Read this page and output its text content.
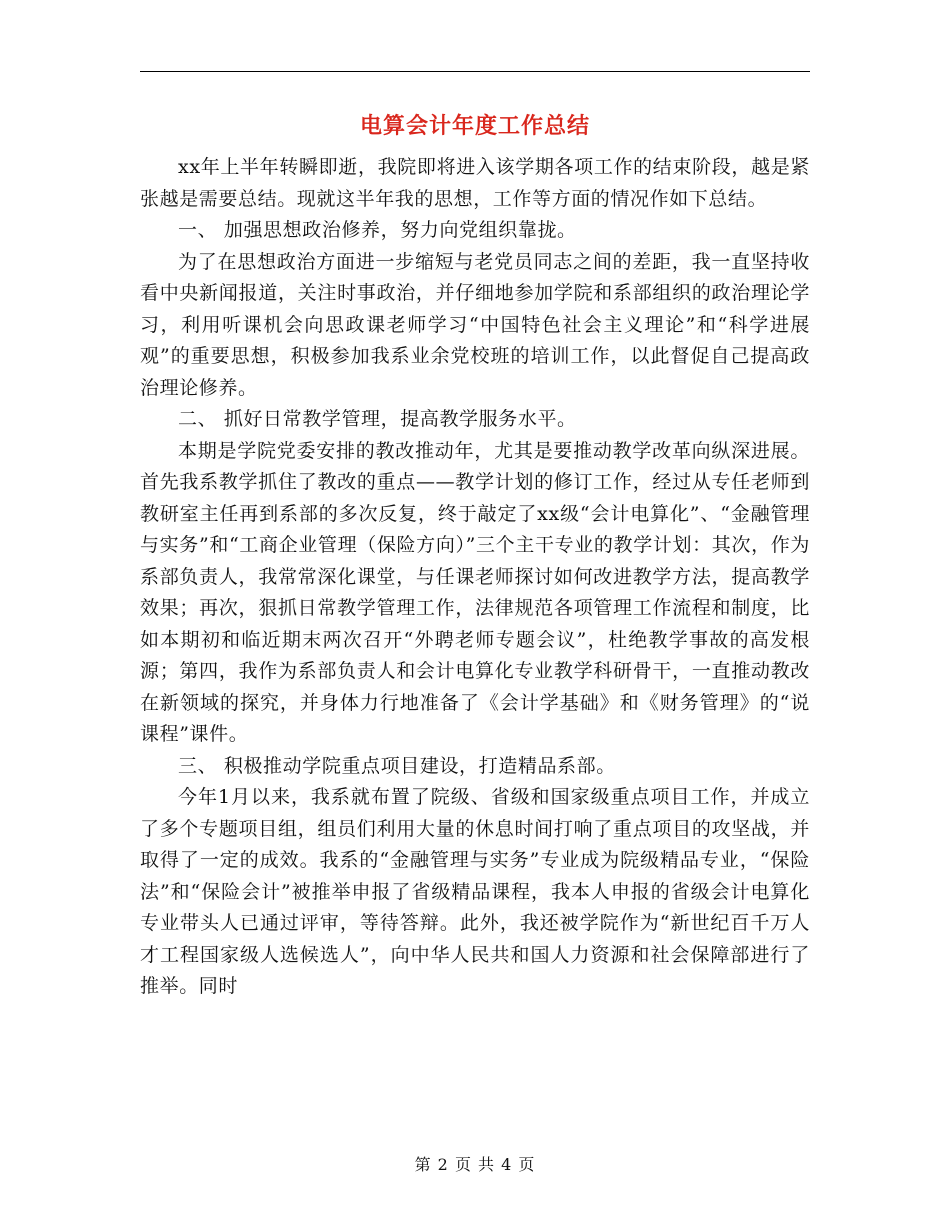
电算会计年度工作总结

xx年上半年转瞬即逝，我院即将进入该学期各项工作的结束阶段，越是紧张越是需要总结。现就这半年我的思想，工作等方面的情况作如下总结。

一、 加强思想政治修养，努力向党组织靠拢。

为了在思想政治方面进一步缩短与老党员同志之间的差距，我一直坚持收看中央新闻报道，关注时事政治，并仔细地参加学院和系部组织的政治理论学习，利用听课机会向思政课老师学习“中国特色社会主义理论”和“科学进展观”的重要思想，积极参加我系业余党校班的培训工作，以此督促自己提高政治理论修养。

二、 抓好日常教学管理，提高教学服务水平。

本期是学院党委安排的教改推动年，尤其是要推动教学改革向纵深进展。首先我系教学抓住了教改的重点——教学计划的修订工作，经过从专任老师到教研室主任再到系部的多次反复，终于敲定了xx级“会计电算化”、“金融管理与实务”和“工商企业管理（保险方向）”三个主干专业的教学计划：其次，作为系部负责人，我常常深化课堂，与任课老师探讨如何改进教学方法，提高教学效果；再次，狠抓日常教学管理工作，法律规范各项管理工作流程和制度，比如本期初和临近期末两次召开“外聘老师专题会议”，杜绝教学事故的高发根源；第四，我作为系部负责人和会计电算化专业教学科研骨干，一直推动教改在新领域的探究，并身体力行地准备了《会计学基础》和《财务管理》的“说课程”课件。

三、 积极推动学院重点项目建设，打造精品系部。

今年1月以来，我系就布置了院级、省级和国家级重点项目工作，并成立了多个专题项目组，组员们利用大量的休息时间打响了重点项目的攻坚战，并取得了一定的成效。我系的“金融管理与实务”专业成为院级精品专业，“保险法”和“保险会计”被推举申报了省级精品课程，我本人申报的省级会计电算化专业带头人已通过评审，等待答辩。此外，我还被学院作为“新世纪百千万人才工程国家级人选候选人”，向中华人民共和国人力资源和社会保障部进行了推举。同时

第 2 页 共 4 页
